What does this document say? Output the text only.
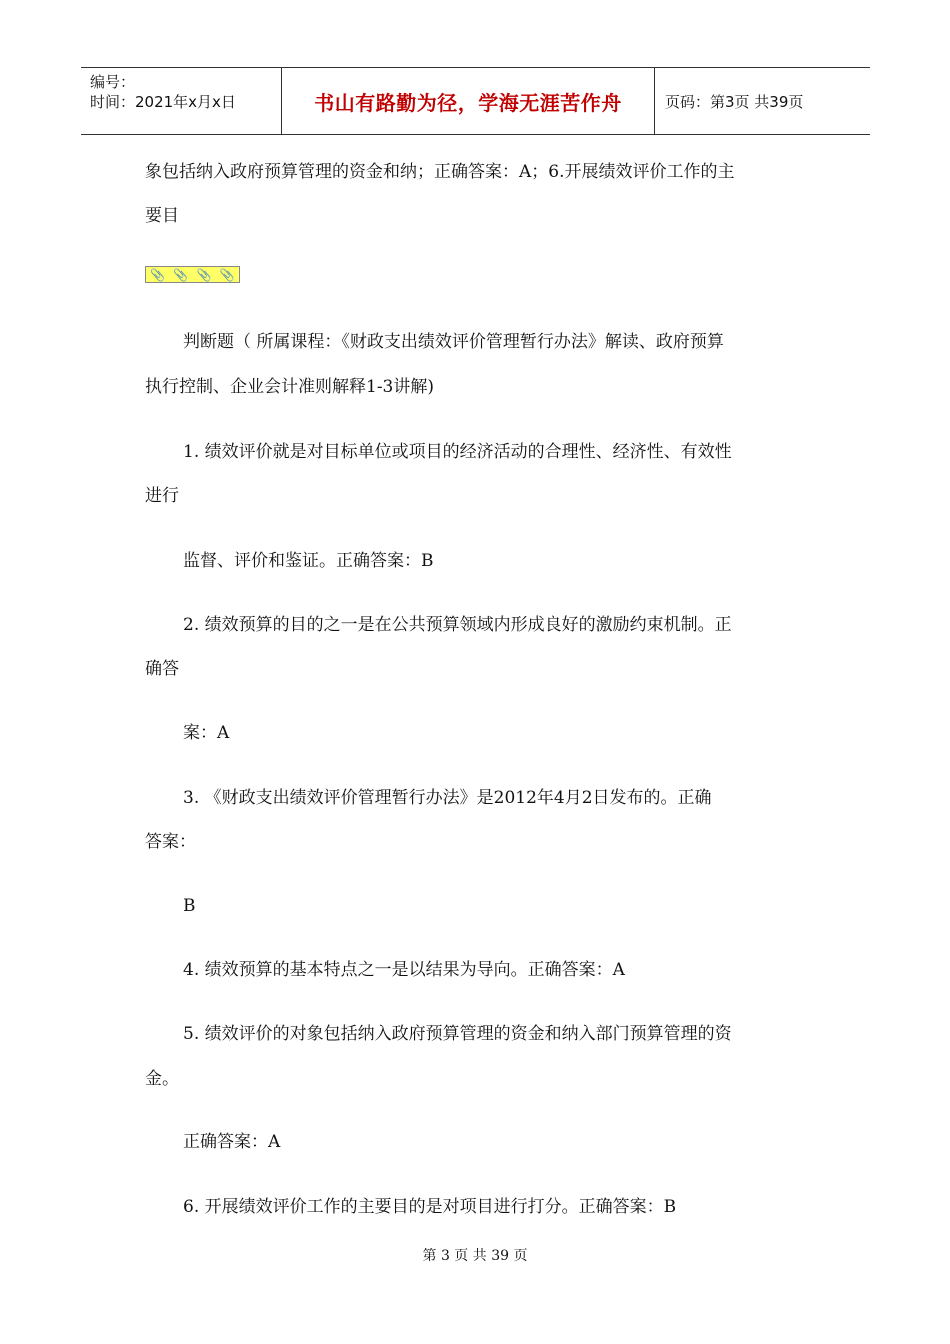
编号：
时间：2021年x月x日	书山有路勤为径，学海无涯苦作舟	页码：第3页 共39页
象包括纳入政府预算管理的资金和纳；正确答案：A；6.开展绩效评价工作的主
要目
📎 📎 📎 📎
判断题（ 所属课程：《财政支出绩效评价管理暂行办法》解读、政府预算
执行控制、企业会计准则解释1-3讲解)
1. 绩效评价就是对目标单位或项目的经济活动的合理性、经济性、有效性
进行
监督、评价和鉴证。正确答案：B
2. 绩效预算的目的之一是在公共预算领域内形成良好的激励约束机制。正
确答
案：A
3. 《财政支出绩效评价管理暂行办法》是2012年4月2日发布的。正确
答案：
B
4. 绩效预算的基本特点之一是以结果为导向。正确答案：A
5. 绩效评价的对象包括纳入政府预算管理的资金和纳入部门预算管理的资
金。
正确答案：A
6. 开展绩效评价工作的主要目的是对项目进行打分。正确答案：B
第 3 页 共 39 页
